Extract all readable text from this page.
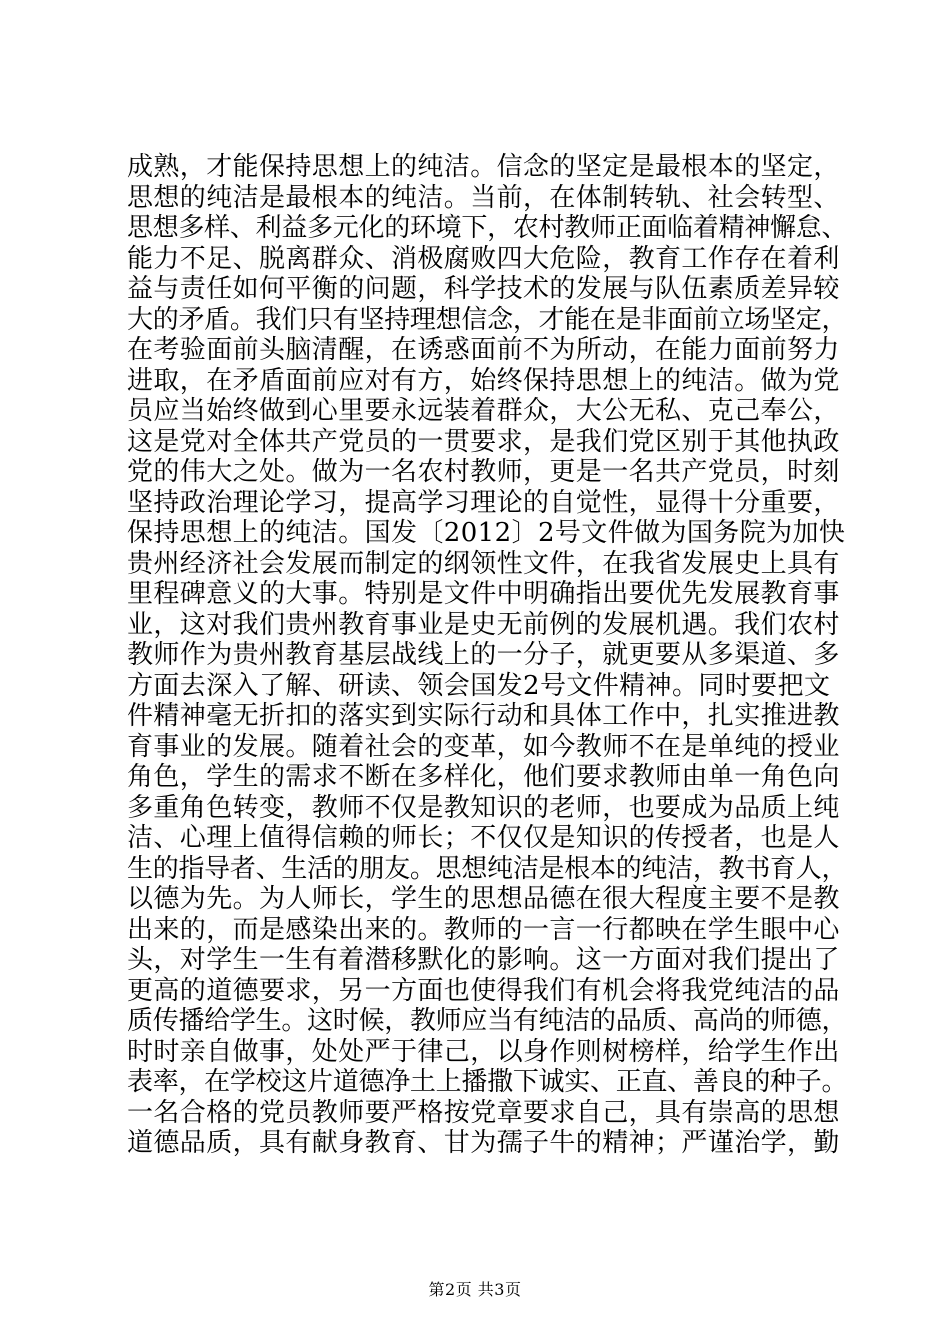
成熟，才能保持思想上的纯洁。信念的坚定是最根本的坚定，
思想的纯洁是最根本的纯洁。当前，在体制转轨、社会转型、
思想多样、利益多元化的环境下，农村教师正面临着精神懈怠、
能力不足、脱离群众、消极腐败四大危险，教育工作存在着利
益与责任如何平衡的问题，科学技术的发展与队伍素质差异较
大的矛盾。我们只有坚持理想信念，才能在是非面前立场坚定，
在考验面前头脑清醒，在诱惑面前不为所动，在能力面前努力
进取，在矛盾面前应对有方，始终保持思想上的纯洁。做为党
员应当始终做到心里要永远装着群众，大公无私、克己奉公，
这是党对全体共产党员的一贯要求，是我们党区别于其他执政
党的伟大之处。做为一名农村教师，更是一名共产党员，时刻
坚持政治理论学习，提高学习理论的自觉性，显得十分重要，
保持思想上的纯洁。国发〔2012〕2号文件做为国务院为加快
贵州经济社会发展而制定的纲领性文件，在我省发展史上具有
里程碑意义的大事。特别是文件中明确指出要优先发展教育事
业，这对我们贵州教育事业是史无前例的发展机遇。我们农村
教师作为贵州教育基层战线上的一分子，就更要从多渠道、多
方面去深入了解、研读、领会国发2号文件精神。同时要把文
件精神毫无折扣的落实到实际行动和具体工作中，扎实推进教
育事业的发展。随着社会的变革，如今教师不在是单纯的授业
角色，学生的需求不断在多样化，他们要求教师由单一角色向
多重角色转变，教师不仅是教知识的老师，也要成为品质上纯
洁、心理上值得信赖的师长；不仅仅是知识的传授者，也是人
生的指导者、生活的朋友。思想纯洁是根本的纯洁，教书育人，
以德为先。为人师长，学生的思想品德在很大程度主要不是教
出来的，而是感染出来的。教师的一言一行都映在学生眼中心
头，对学生一生有着潜移默化的影响。这一方面对我们提出了
更高的道德要求，另一方面也使得我们有机会将我党纯洁的品
质传播给学生。这时候，教师应当有纯洁的品质、高尚的师德，
时时亲自做事，处处严于律己，以身作则树榜样，给学生作出
表率，在学校这片道德净土上播撒下诚实、正直、善良的种子。
一名合格的党员教师要严格按党章要求自己，具有崇高的思想
道德品质，具有献身教育、甘为孺子牛的精神；严谨治学，勤
第2页 共3页
